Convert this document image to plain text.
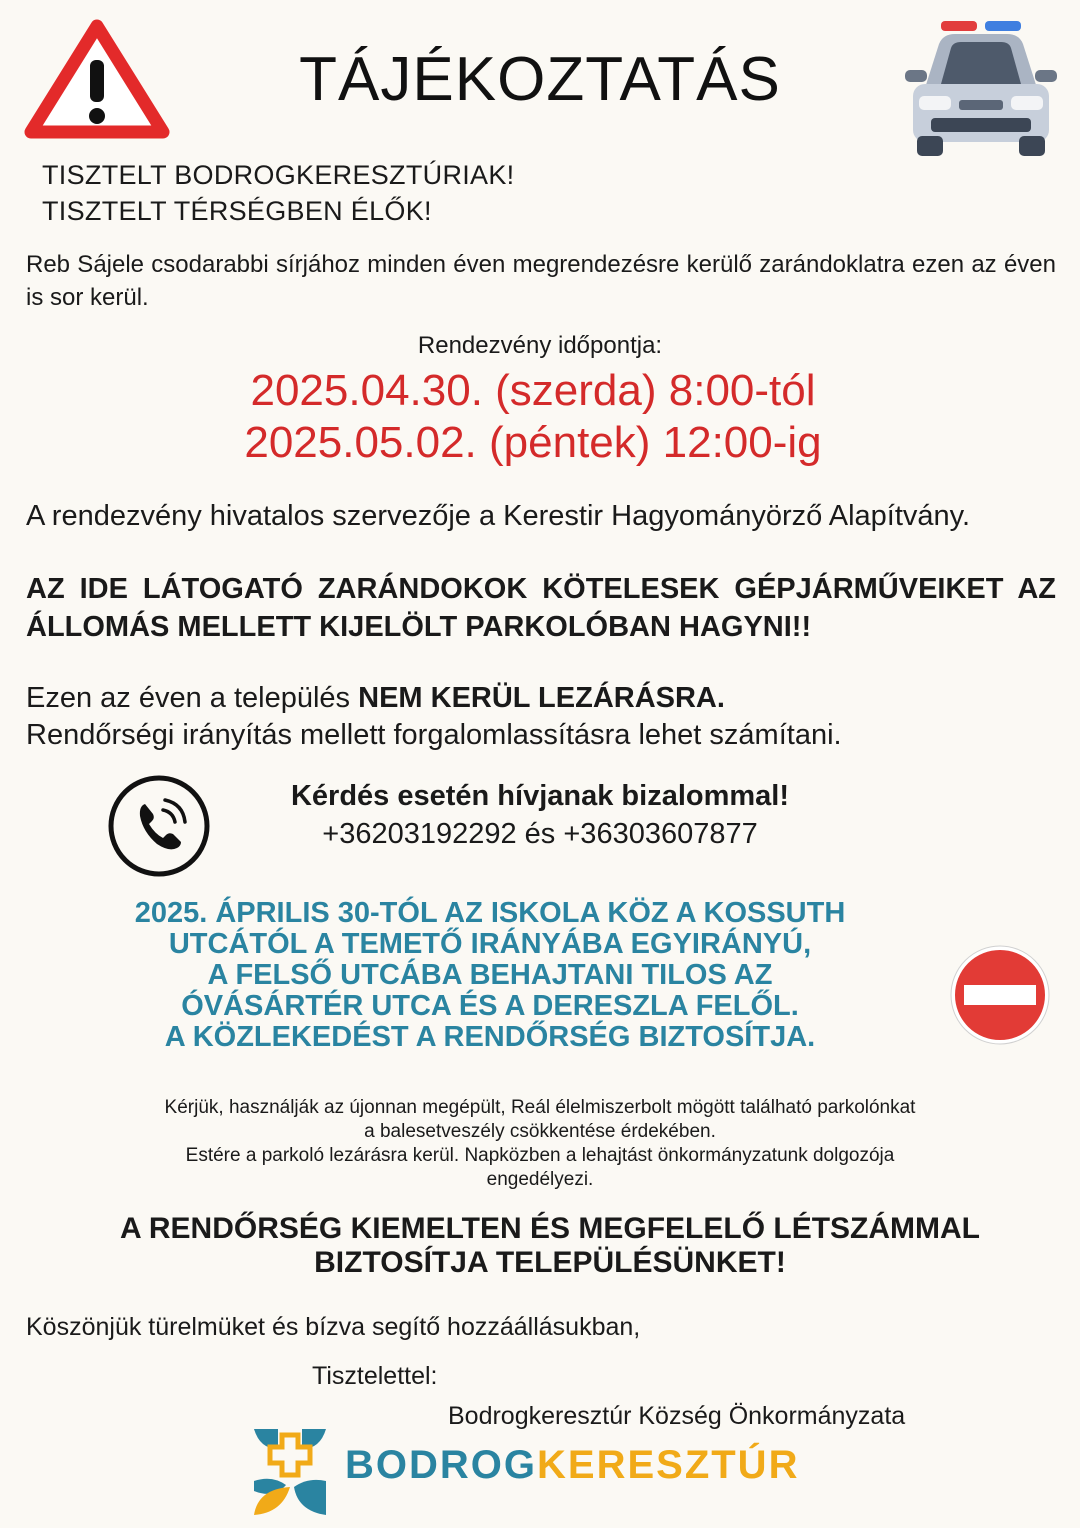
TÁJÉKOZTATÁS
TISZTELT BODROGKERESZTÚRIAK!
TISZTELT TÉRSÉGBEN ÉLŐK!
Reb Sájele csodarabbi sírjához minden éven megrendezésre kerülő zarándoklatra ezen az éven is sor kerül.
Rendezvény időpontja:
2025.04.30. (szerda) 8:00-tól
2025.05.02. (péntek) 12:00-ig
A rendezvény hivatalos szervezője a Kerestir Hagyományörző Alapítvány.
AZ IDE LÁTOGATÓ ZARÁNDOKOK KÖTELESEK GÉPJÁRMŰVEIKET AZ ÁLLOMÁS MELLETT KIJELÖLT PARKOLÓBAN HAGYNI!!
Ezen az éven a település NEM KERÜL LEZÁRÁSRA.
Rendőrségi irányítás mellett forgalomlassításra lehet számítani.
Kérdés esetén hívjanak bizalommal!
+36203192292 és +36303607877
2025. ÁPRILIS 30-TÓL AZ ISKOLA KÖZ A KOSSUTH
UTCÁTÓL A TEMETŐ IRÁNYÁBA EGYIRÁNYÚ,
A FELSŐ UTCÁBA BEHAJTANI TILOS AZ
ÓVÁSÁRTÉR UTCA ÉS A DERESZLA FELŐL.
A KÖZLEKEDÉST A RENDŐRSÉG BIZTOSÍTJA.
Kérjük, használják az újonnan megépült, Reál élelmiszerbolt mögött található parkolónkat
a balesetveszély csökkentése érdekében.
Estére a parkoló lezárásra kerül. Napközben a lehajtást önkormányzatunk dolgozója
engedélyezi.
A RENDŐRSÉG KIEMELTEN ÉS MEGFELELŐ LÉTSZÁMMAL
BIZTOSÍTJA TELEPÜLÉSÜNKET!
Köszönjük türelmüket és bízva segítő hozzáállásukban,
Tisztelettel:
Bodrogkeresztúr Község Önkormányzata
BODROGKERESZTÚR
